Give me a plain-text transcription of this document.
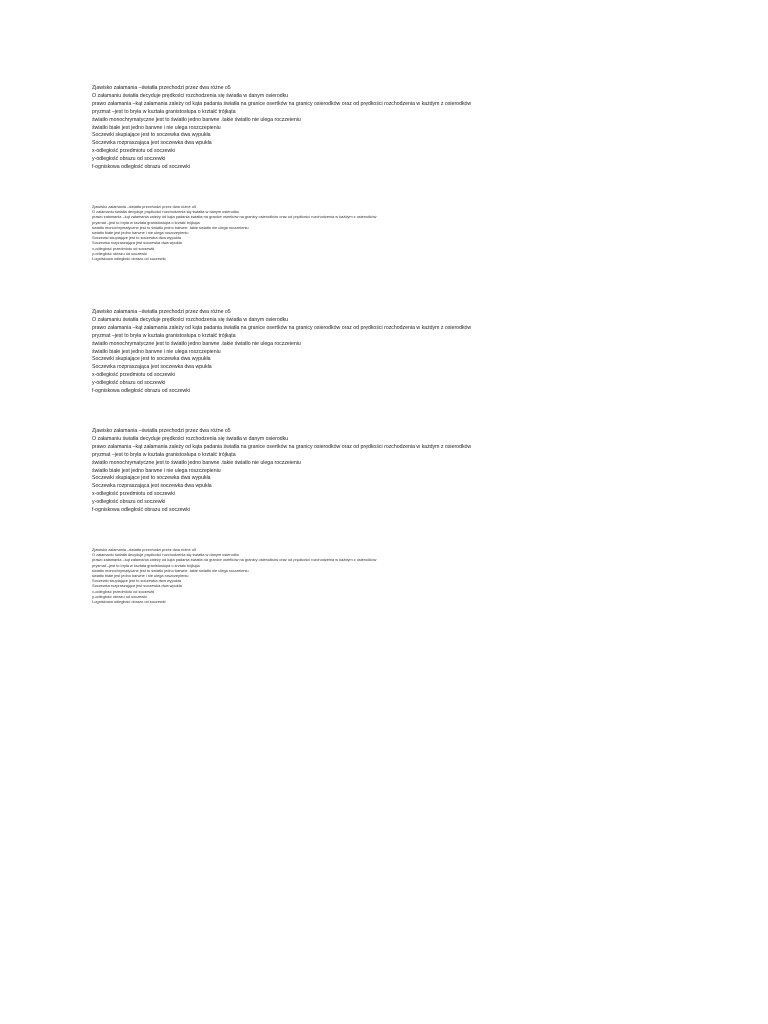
Zjawisko załamania –światła przechodzi przez dwa różne o5
O załamaniu światła decyduje prędkości rozchodzenia się światła w danym osierodku
prawo załamania –kąt załamania zależy od kąta padania światła na granice osertków na granicy osierodków oraz od prędkości rozchodzenia w każdym z osierodków
pryzmat –jest to bryła w kształa granistosłupa o krztałć trójkąta
światło monochrymatyczne jest to światło jedno barwne .takie światło nie ulega roczzeieniu
światło białe jest jedno barwne i nie ulega roszczepieniu
Soczewki skupiające jest to soczewka dwa wypukła
Soczewka rozpraszająca jest soczewka dwa wpukła
x-odległość przedmiotu od soczewki
y-odległość obrazu od soczewki
f-ogniskowa odległość obrazu od soczewki
Zjawisko załamania –światła przechodzi przez dwa różne o5
O załamaniu światła decyduje prędkości rozchodzenia się światła w danym osierodku
prawo załamania –kąt załamania zależy od kąta padania światła na granice osertków na granicy osierodków oraz od prędkości rozchodzenia w każdym z osierodków
pryzmat –jest to bryła w kształa granistosłupa o krztałć trójkąta
światło monochrymatyczne jest to światło jedno barwne .takie światło nie ulega roczzeieniu
światło białe jest jedno barwne i nie ulega roszczepieniu
Soczewki skupiające jest to soczewka dwa wypukła
Soczewka rozpraszająca jest soczewka dwa wpukła
x-odległość przedmiotu od soczewki
y-odległość obrazu od soczewki
f-ogniskowa odległość obrazu od soczewki
Zjawisko załamania –światła przechodzi przez dwa różne o5
O załamaniu światła decyduje prędkości rozchodzenia się światła w danym osierodku
prawo załamania –kąt załamania zależy od kąta padania światła na granice osertków na granicy osierodków oraz od prędkości rozchodzenia w każdym z osierodków
pryzmat –jest to bryła w kształa granistosłupa o krztałć trójkąta
światło monochrymatyczne jest to światło jedno barwne .takie światło nie ulega roczzeieniu
światło białe jest jedno barwne i nie ulega roszczepieniu
Soczewki skupiające jest to soczewka dwa wypukła
Soczewka rozpraszająca jest soczewka dwa wpukła
x-odległość przedmiotu od soczewki
y-odległość obrazu od soczewki
f-ogniskowa odległość obrazu od soczewki
Zjawisko załamania –światła przechodzi przez dwa różne o5
O załamaniu światła decyduje prędkości rozchodzenia się światła w danym osierodku
prawo załamania –kąt załamania zależy od kąta padania światła na granice osertków na granicy osierodków oraz od prędkości rozchodzenia w każdym z osierodków
pryzmat –jest to bryła w kształa granistosłupa o krztałć trójkąta
światło monochrymatyczne jest to światło jedno barwne .takie światło nie ulega roczzeieniu
światło białe jest jedno barwne i nie ulega roszczepieniu
Soczewki skupiające jest to soczewka dwa wypukła
Soczewka rozpraszająca jest soczewka dwa wpukła
x-odległość przedmiotu od soczewki
y-odległość obrazu od soczewki
f-ogniskowa odległość obrazu od soczewki
Zjawisko załamania –światła przechodzi przez dwa różne o5
O załamaniu światła decyduje prędkości rozchodzenia się światła w danym osierodku
prawo załamania –kąt załamania zależy od kąta padania światła na granice osertków na granicy osierodków oraz od prędkości rozchodzenia w każdym z osierodków
pryzmat –jest to bryła w kształa granistosłupa o krztałć trójkąta
światło monochrymatyczne jest to światło jedno barwne .takie światło nie ulega roczzeieniu
światło białe jest jedno barwne i nie ulega roszczepieniu
Soczewki skupiające jest to soczewka dwa wypukła
Soczewka rozpraszająca jest soczewka dwa wpukła
x-odległość przedmiotu od soczewki
y-odległość obrazu od soczewki
f-ogniskowa odległość obrazu od soczewki
